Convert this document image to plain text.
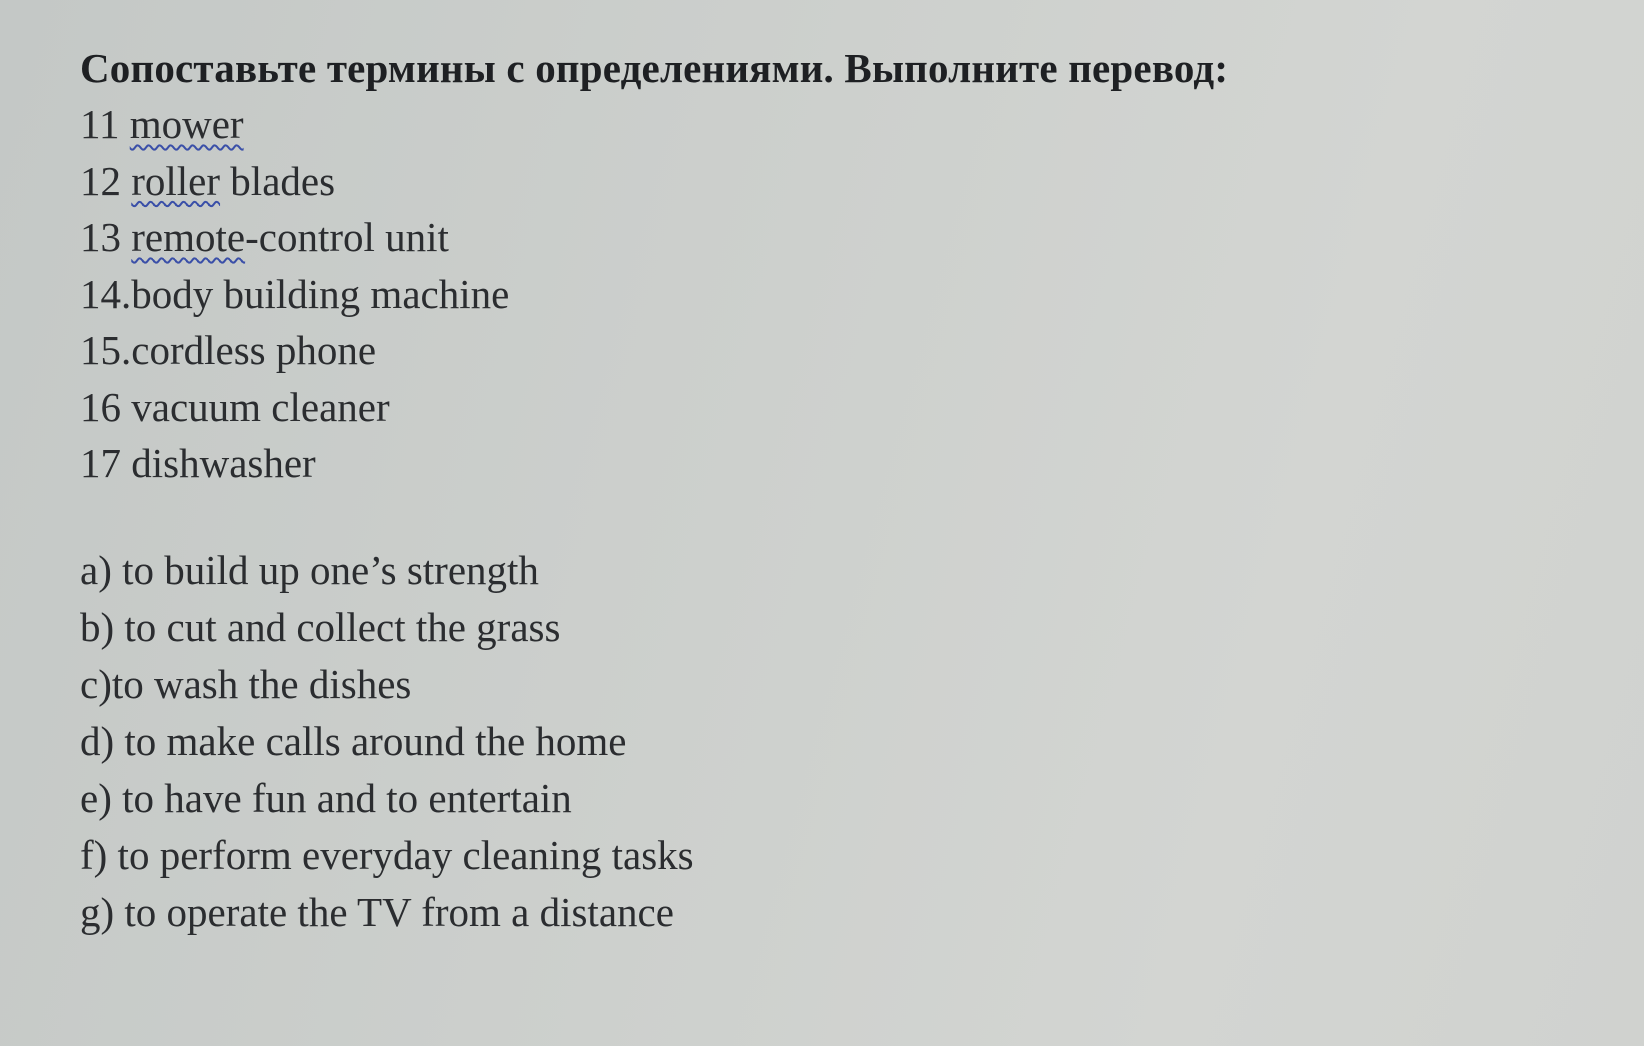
Сопоставьте термины с определениями. Выполните перевод:

11 mower
12 roller blades
13 remote-control unit
14.body building machine
15.cordless phone
16 vacuum cleaner
17 dishwasher
a) to build up one’s strength
b) to cut and collect the grass
c)to wash the dishes
d) to make calls around the home
e) to have fun and to entertain
f) to perform everyday cleaning tasks
g) to operate the TV from a distance
